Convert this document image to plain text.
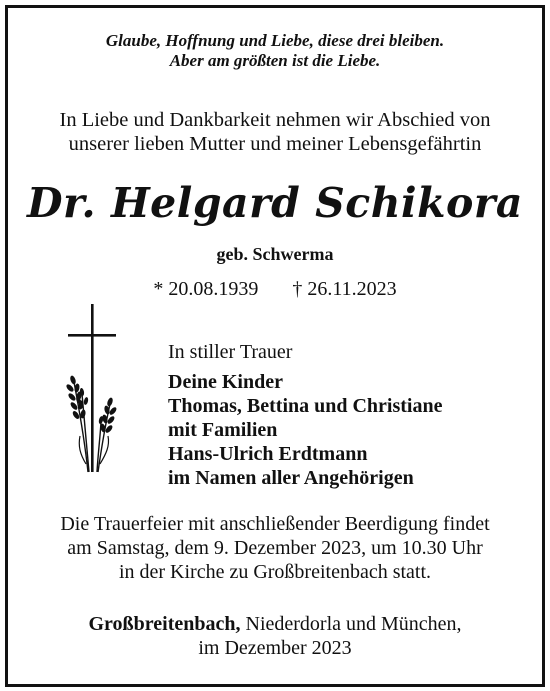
Glaube, Hoffnung und Liebe, diese drei bleiben.
Aber am größten ist die Liebe.
In Liebe und Dankbarkeit nehmen wir Abschied von
unserer lieben Mutter und meiner Lebensgefährtin
Dr. Helgard Schikora
geb. Schwerma
* 20.08.1939 † 26.11.2023
In stiller Trauer
Deine Kinder
Thomas, Bettina und Christiane
mit Familien
Hans-Ulrich Erdtmann
im Namen aller Angehörigen
Die Trauerfeier mit anschließender Beerdigung findet
am Samstag, dem 9. Dezember 2023, um 10.30 Uhr
in der Kirche zu Großbreitenbach statt.
Großbreitenbach, Niederdorla und München,
im Dezember 2023
